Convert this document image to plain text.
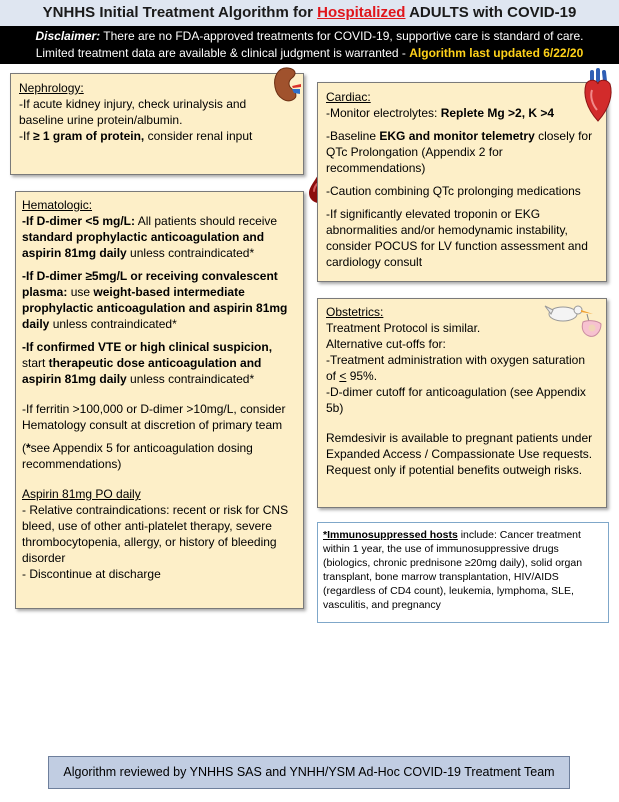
YNHHS Initial Treatment Algorithm for Hospitalized ADULTS with COVID-19
Disclaimer: There are no FDA-approved treatments for COVID-19, supportive care is standard of care.
Limited treatment data are available & clinical judgment is warranted - Algorithm last updated 6/22/20

Nephrology:

-If acute kidney injury, check urinalysis and baseline urine protein/albumin.

-If ≥ 1 gram of protein, consider renal input

Hematologic:

-If D-dimer <5 mg/L: All patients should receive standard prophylactic anticoagulation and aspirin 81mg daily unless contraindicated*

-If D-dimer ≥5mg/L or receiving convalescent plasma: use weight-based intermediate prophylactic anticoagulation and aspirin 81mg daily unless contraindicated*

-If confirmed VTE or high clinical suspicion, start therapeutic dose anticoagulation and aspirin 81mg daily unless contraindicated*

-If ferritin >100,000 or D-dimer >10mg/L, consider Hematology consult at discretion of primary team

(*see Appendix 5 for anticoagulation dosing recommendations)

Aspirin 81mg PO daily

- Relative contraindications: recent or risk for CNS bleed, use of other anti-platelet therapy, severe thrombocytopenia, allergy, or history of bleeding disorder

- Discontinue at discharge

Cardiac:

-Monitor electrolytes: Replete Mg >2, K >4

-Baseline EKG and monitor telemetry closely for QTc Prolongation (Appendix 2 for recommendations)

-Caution combining QTc prolonging medications

-If significantly elevated troponin or EKG abnormalities and/or hemodynamic instability, consider POCUS for LV function assessment and cardiology consult

Obstetrics:

Treatment Protocol is similar.

Alternative cut-offs for:

-Treatment administration with oxygen saturation of < 95%.

-D-dimer cutoff for anticoagulation (see Appendix 5b)

Remdesivir is available to pregnant patients under Expanded Access / Compassionate Use requests. Request only if potential benefits outweigh risks.

*Immunosuppressed hosts include: Cancer treatment within 1 year, the use of immunosuppressive drugs (biologics, chronic prednisone ≥20mg daily), solid organ transplant, bone marrow transplantation, HIV/AIDS (regardless of CD4 count), leukemia, lymphoma, SLE, vasculitis, and pregnancy
Algorithm reviewed by YNHHS SAS and YNHH/YSM Ad-Hoc COVID-19 Treatment Team
